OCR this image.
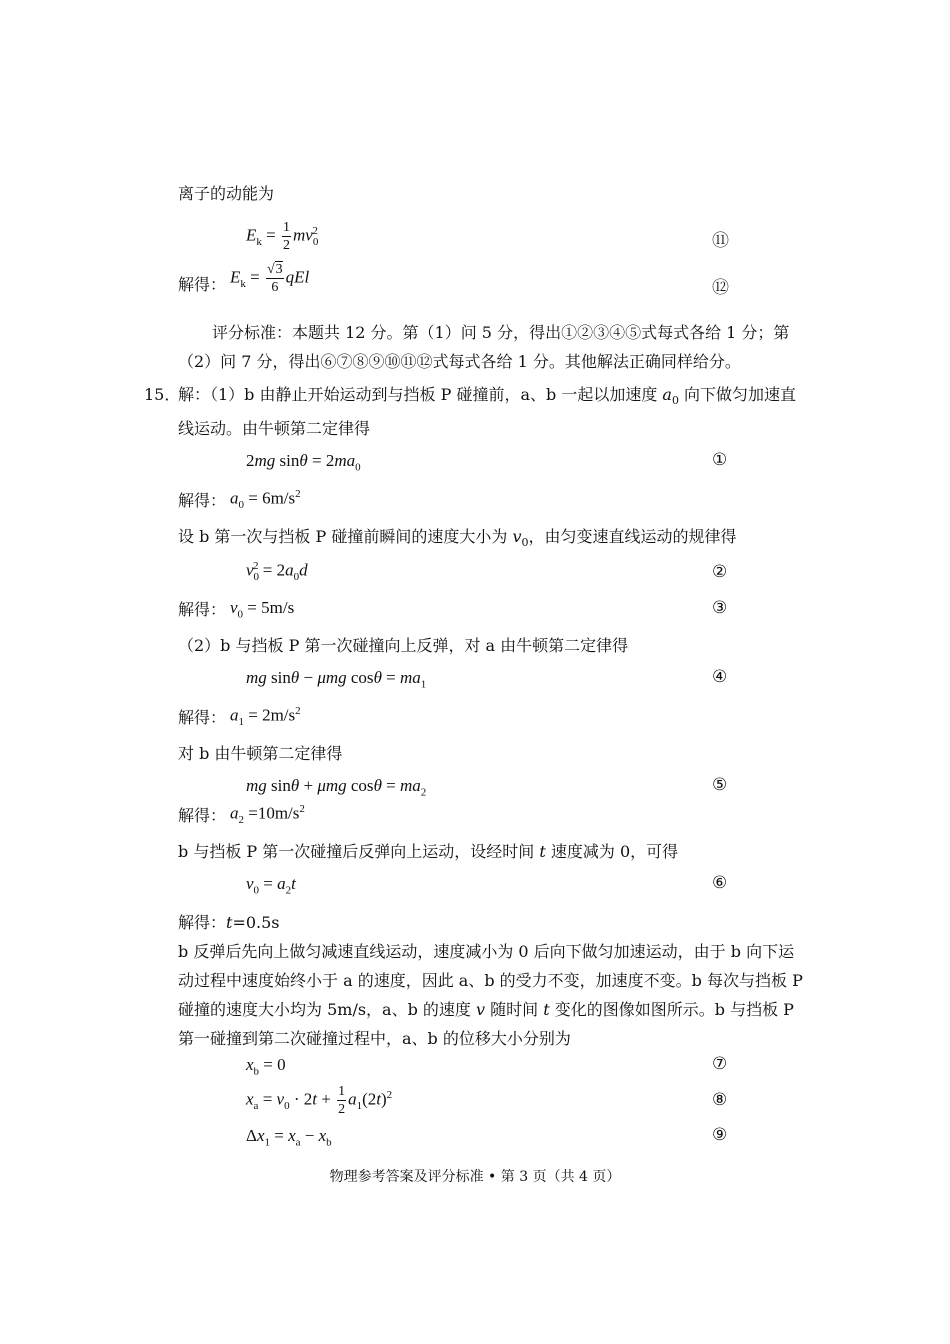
离子的动能为
$E_k = \frac{1}{2} mv_0^2$
⑪
解得： $E_k = \frac{√3}{6}$ qEl
⑫
评分标准：本题共 12 分。第（1）问 5 分，得出①②③④⑤式每式各给 1 分；第（2）问 7 分，得出⑥⑦⑧⑨⑩⑪⑫式每式各给 1 分。其他解法正确同样给分。
15．
解：（1）b 由静止开始运动到与挡板 P 碰撞前，a、b 一起以加速度 $a_0$ 向下做匀加速直
线运动。由牛顿第二定律得
2mg $\sin\theta = 2ma_0$	①
解得： $a_0 = 6m/s^2$
设 b 第一次与挡板 P 碰撞前瞬间的速度大小为 $v_0$，由匀变速直线运动的规律得
$v_0^2 = 2a_0d$	②
解得： $v_0 = 5m/s$	③
（2）b 与挡板 P 第一次碰撞向上反弹，对 a 由牛顿第二定律得
mg sinθ − μmg $\cos\theta = ma_1$	④
解得： $a_1 = 2m/s^2$
对 b 由牛顿第二定律得
mg sinθ + μmg $\cos\theta = ma_2$	⑤
解得： $a_2 =10m/s^2$
b 与挡板 P 第一次碰撞后反弹向上运动，设经时间 t 速度减为 0，可得
$v_0 = a_2t$	⑥
解得：t=0.5s
b 反弹后先向上做匀减速直线运动，速度减小为 0 后向下做匀加速运动，由于 b 向下运动过程中速度始终小于 a 的速度，因此 a、b 的受力不变，加速度不变。b 每次与挡板 P 碰撞的速度大小均为 5m/s，a、b 的速度 v 随时间 t 变化的图像如图所示。b 与挡板 P 第一碰撞到第二次碰撞过程中，a、b 的位移大小分别为
$x_b = 0$	⑦
$x_a = v_0 \cdot 2t + \frac{1}{2} a_1(2t)^2$	⑧
$\Delta x_1 = x_a - x_b$	⑨
物理参考答案及评分标准 • 第 3 页（共 4 页）
